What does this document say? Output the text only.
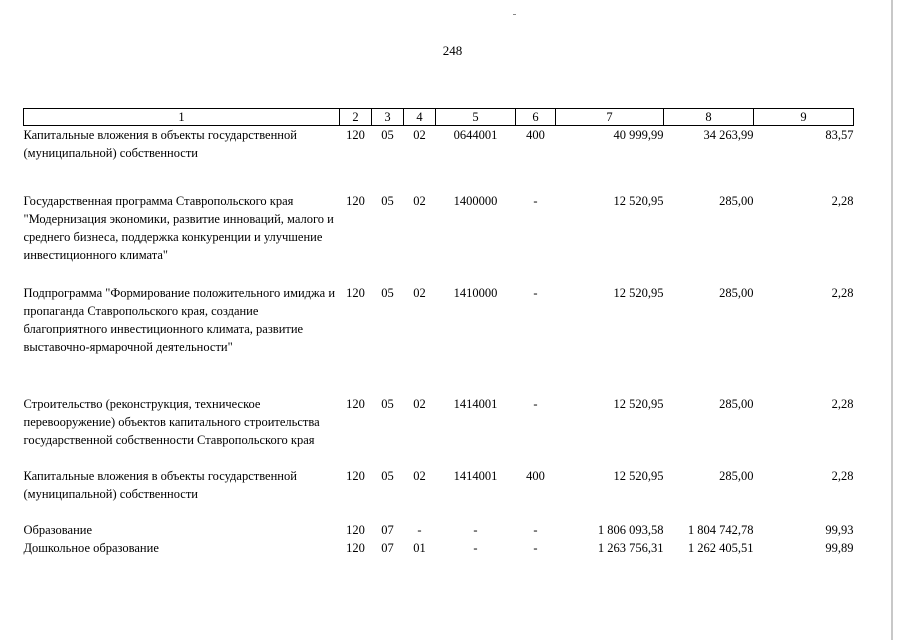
248
1	2	3	4	5	6	7	8	9
Капитальные вложения в объекты государственной (муниципальной) собственности	120	05	02	0644001	400	40 999,99	34 263,99	83,57
Государственная программа Ставропольского края "Модернизация экономики, развитие инноваций, малого и среднего бизнеса, поддержка конкуренции и улучшение инвестиционного климата"	120	05	02	1400000	-	12 520,95	285,00	2,28
Подпрограмма "Формирование положительного имиджа и пропаганда Ставропольского края, создание благоприятного инвестиционного климата, развитие выставочно-ярмарочной деятельности"	120	05	02	1410000	-	12 520,95	285,00	2,28
Строительство (реконструкция, техническое перевооружение) объектов капитального строительства государственной собственности Ставропольского края	120	05	02	1414001	-	12 520,95	285,00	2,28
Капитальные вложения в объекты государственной (муниципальной) собственности	120	05	02	1414001	400	12 520,95	285,00	2,28
Образование	120	07	-	-	-	1 806 093,58	1 804 742,78	99,93
Дошкольное образование	120	07	01	-	-	1 263 756,31	1 262 405,51	99,89
